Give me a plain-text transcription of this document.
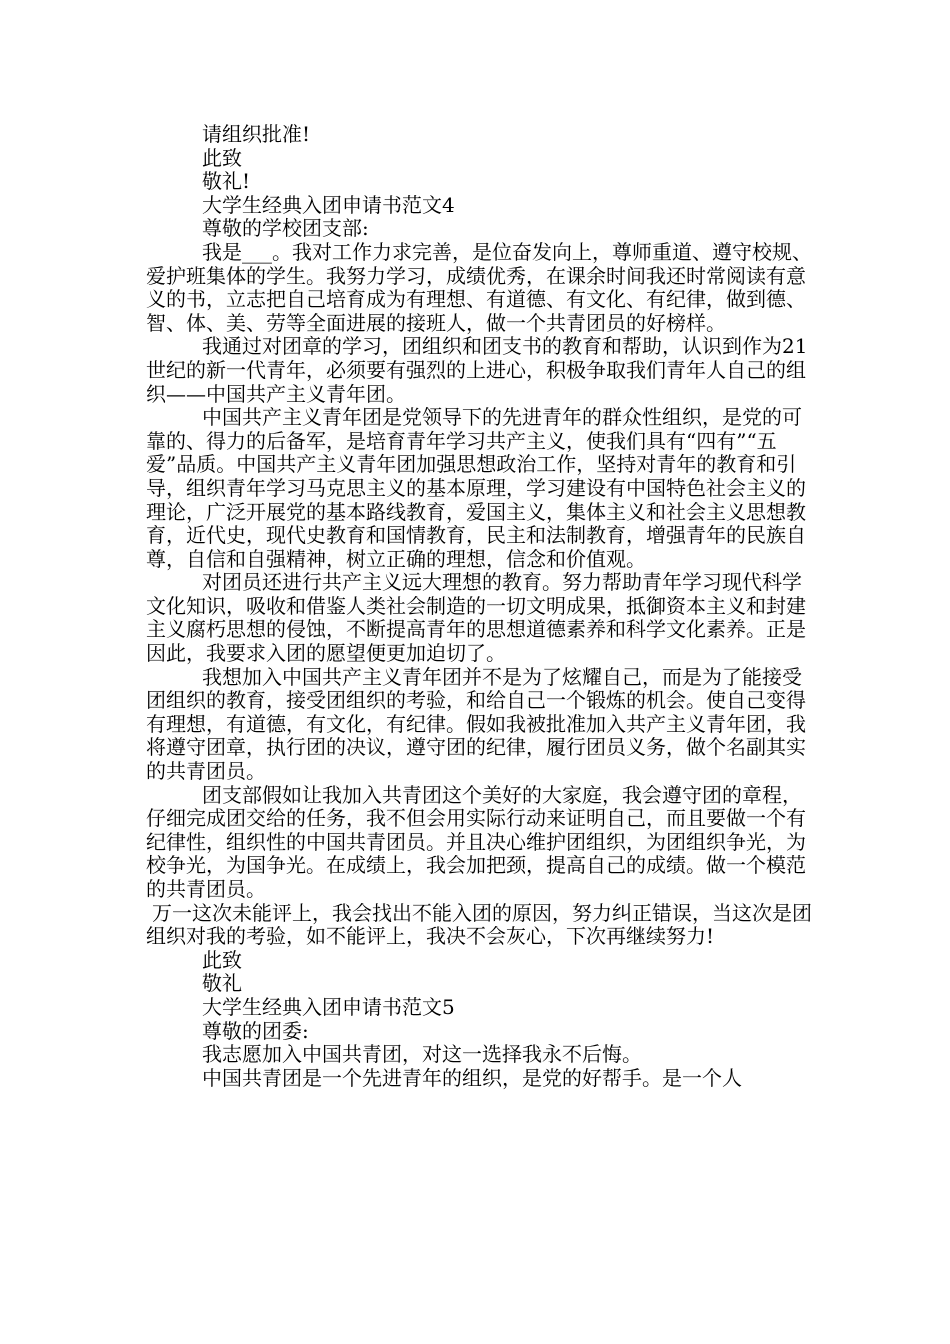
请组织批准!

此致

敬礼!

大学生经典入团申请书范文4

尊敬的学校团支部:

我是___。我对工作力求完善，是位奋发向上，尊师重道、遵守校规、爱护班集体的学生。我努力学习，成绩优秀，在课余时间我还时常阅读有意义的书，立志把自己培育成为有理想、有道德、有文化、有纪律，做到德、智、体、美、劳等全面进展的接班人，做一个共青团员的好榜样。

我通过对团章的学习，团组织和团支书的教育和帮助，认识到作为21世纪的新一代青年，必须要有强烈的上进心，积极争取我们青年人自己的组织——中国共产主义青年团。

中国共产主义青年团是党领导下的先进青年的群众性组织，是党的可靠的、得力的后备军，是培育青年学习共产主义，使我们具有“四有”“五爱”品质。中国共产主义青年团加强思想政治工作，坚持对青年的教育和引导，组织青年学习马克思主义的基本原理，学习建设有中国特色社会主义的理论，广泛开展党的基本路线教育，爱国主义，集体主义和社会主义思想教育，近代史，现代史教育和国情教育，民主和法制教育，增强青年的民族自尊，自信和自强精神，树立正确的理想，信念和价值观。

对团员还进行共产主义远大理想的教育。努力帮助青年学习现代科学文化知识，吸收和借鉴人类社会制造的一切文明成果，抵御资本主义和封建主义腐朽思想的侵蚀，不断提高青年的思想道德素养和科学文化素养。正是因此，我要求入团的愿望便更加迫切了。

我想加入中国共产主义青年团并不是为了炫耀自己，而是为了能接受团组织的教育，接受团组织的考验，和给自己一个锻炼的机会。使自己变得有理想，有道德，有文化，有纪律。假如我被批准加入共产主义青年团，我将遵守团章，执行团的决议，遵守团的纪律，履行团员义务，做个名副其实的共青团员。

团支部假如让我加入共青团这个美好的大家庭，我会遵守团的章程，仔细完成团交给的任务，我不但会用实际行动来证明自己，而且要做一个有纪律性，组织性的中国共青团员。并且决心维护团组织，为团组织争光，为校争光，为国争光。在成绩上，我会加把颈，提高自己的成绩。做一个模范的共青团员。

万一这次未能评上，我会找出不能入团的原因，努力纠正错误，当这次是团组织对我的考验，如不能评上，我决不会灰心，下次再继续努力!

此致

敬礼

大学生经典入团申请书范文5

尊敬的团委:

我志愿加入中国共青团，对这一选择我永不后悔。

中国共青团是一个先进青年的组织，是党的好帮手。是一个人
